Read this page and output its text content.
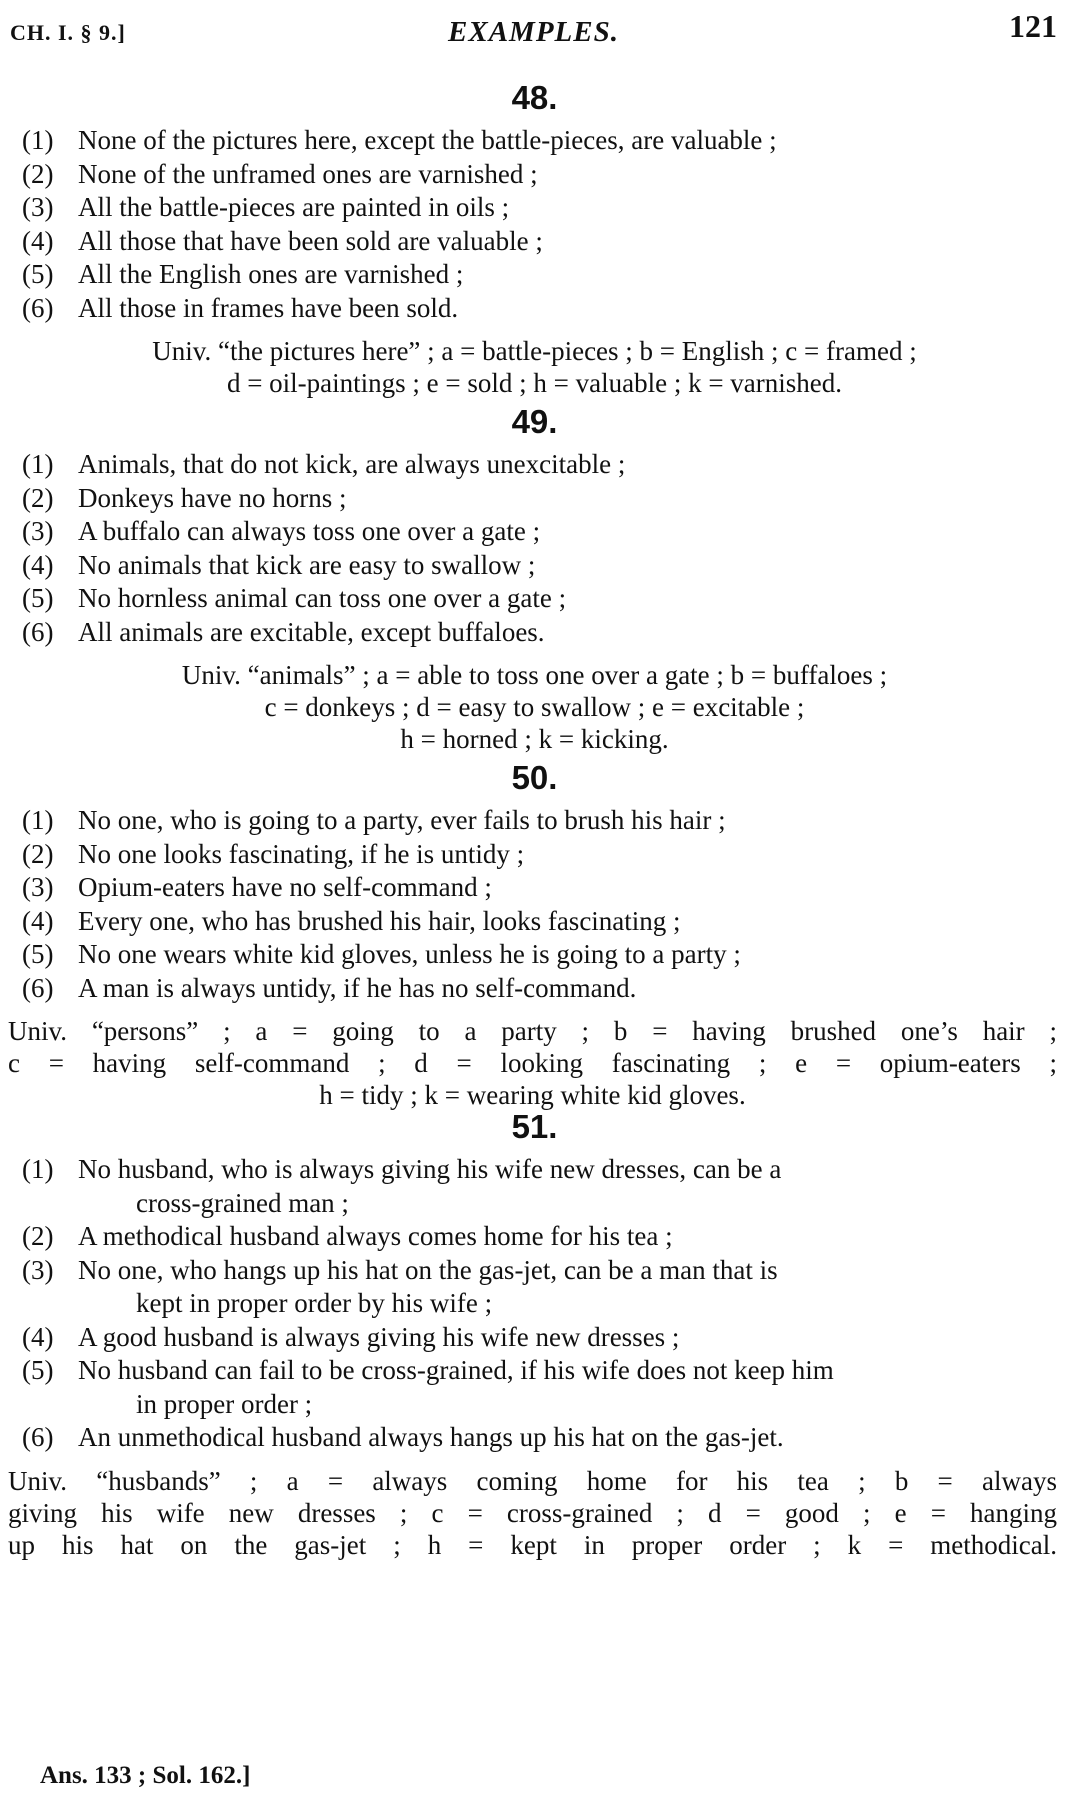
CH. I. § 9.]	EXAMPLES.	121
48.
(1) None of the pictures here, except the battle-pieces, are valuable ;
(2) None of the unframed ones are varnished ;
(3) All the battle-pieces are painted in oils ;
(4) All those that have been sold are valuable ;
(5) All the English ones are varnished ;
(6) All those in frames have been sold.
Univ. “the pictures here” ; a = battle-pieces ; b = English ; c = framed ;
d = oil-paintings ; e = sold ; h = valuable ; k = varnished.
49.
(1) Animals, that do not kick, are always unexcitable ;
(2) Donkeys have no horns ;
(3) A buffalo can always toss one over a gate ;
(4) No animals that kick are easy to swallow ;
(5) No hornless animal can toss one over a gate ;
(6) All animals are excitable, except buffaloes.
Univ. “animals” ; a = able to toss one over a gate ; b = buffaloes ;
c = donkeys ; d = easy to swallow ; e = excitable ;
h = horned ; k = kicking.
50.
(1) No one, who is going to a party, ever fails to brush his hair ;
(2) No one looks fascinating, if he is untidy ;
(3) Opium-eaters have no self-command ;
(4) Every one, who has brushed his hair, looks fascinating ;
(5) No one wears white kid gloves, unless he is going to a party ;
(6) A man is always untidy, if he has no self-command.
Univ. “persons” ; a = going to a party ; b = having brushed one’s hair ;
c = having self-command ; d = looking fascinating ; e = opium-eaters ;
h = tidy ; k = wearing white kid gloves.
51.
(1) No husband, who is always giving his wife new dresses, can be a
cross-grained man ;
(2) A methodical husband always comes home for his tea ;
(3) No one, who hangs up his hat on the gas-jet, can be a man that is
kept in proper order by his wife ;
(4) A good husband is always giving his wife new dresses ;
(5) No husband can fail to be cross-grained, if his wife does not keep him
in proper order ;
(6) An unmethodical husband always hangs up his hat on the gas-jet.
Univ. “husbands” ; a = always coming home for his tea ; b = always
giving his wife new dresses ; c = cross-grained ; d = good ; e = hanging
up his hat on the gas-jet ; h = kept in proper order ; k = methodical.
Ans. 133 ; Sol. 162.]
